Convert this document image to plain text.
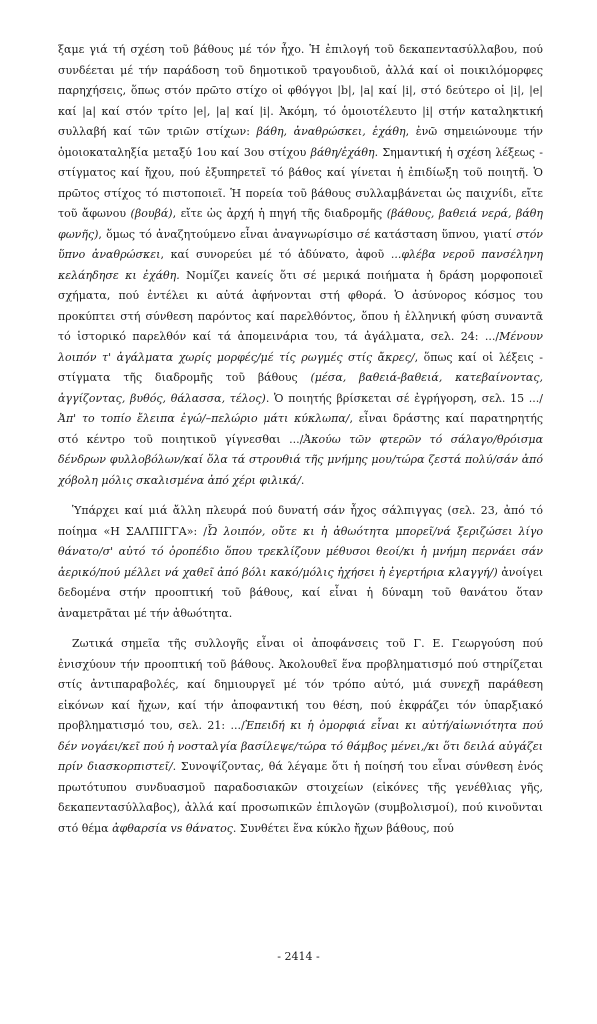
ξαμε γιά τή σχέση τοῦ βάθους μέ τόν ἦχο. Ἡ ἐπιλογή τοῦ δεκαπεντασύλλαβου, πού συνδέεται μέ τήν παράδοση τοῦ δημοτικοῦ τραγουδιοῦ, ἀλλά καί οἱ ποικιλόμορφες παρηχήσεις, ὅπως στόν πρῶτο στίχο οἱ φθόγγοι |b|, |a| καί |i|, στό δεύτερο οἱ |i|, |e| καί |a| καί στόν τρίτο |e|, |a| καί |i|. Ἀκόμη, τό ὁμοιοτέλευτο |i| στήν καταληκτική συλλαβή καί τῶν τριῶν στίχων: βάθη, ἀναθρώσκει, ἐχάθη, ἐνῶ σημειώνουμε τήν ὁμοιοκαταληξία μεταξύ 1ου καί 3ου στίχου βάθη/ἐχάθη. Σημαντική ἡ σχέση λέξεως - στίγματος καί ἤχου, πού ἐξυπηρετεῖ τό βάθος καί γίνεται ἡ ἐπιδίωξη τοῦ ποιητῆ. Ὁ πρῶτος στίχος τό πιστοποιεῖ. Ἡ πορεία τοῦ βάθους συλλαμβάνεται ὡς παιχνίδι, εἴτε τοῦ ἄφωνου (βουβά), εἴτε ὡς ἀρχή ἡ πηγή τῆς διαδρομῆς (βάθους, βαθειά νερά, βάθη φωνῆς), ὅμως τό ἀναζητούμενο εἶναι ἀναγνωρίσιμο σέ κατάσταση ὕπνου, γιατί στόν ὕπνο ἀναθρώσκει, καί συνορεύει μέ τό ἀδύνατο, ἀφοῦ ...φλέβα νεροῦ πανσέληνη κελάηδησε κι ἐχάθη. Νομίζει κανείς ὅτι σέ μερικά ποιήματα ἡ δράση μορφοποιεῖ σχήματα, πού ἐντέλει κι αὐτά ἀφήνονται στή φθορά. Ὁ ἀσύνορος κόσμος του προκύπτει στή σύνθεση παρόντος καί παρελθόντος, ὅπου ἡ ἑλληνική φύση συναντᾶ τό ἱστορικό παρελθόν καί τά ἀπομεινάρια του, τά ἀγάλματα, σελ. 24: .../Μένουν λοιπόν τ' ἀγάλματα χωρίς μορφές/μέ τίς ρωγμές στίς ἄκρες/, ὅπως καί οἱ λέξεις - στίγματα τῆς διαδρομῆς τοῦ βάθους (μέσα, βαθειά-βαθειά, κατεβαίνοντας, ἀγγίζοντας, βυθός, θάλασσα, τέλος). Ὁ ποιητής βρίσκεται σέ ἐγρήγορση, σελ. 15 .../Ἀπ' το τοπίο ἔλειπα ἐγώ/–πελώριο μάτι κύκλωπα/, εἶναι δράστης καί παρατηρητής στό κέντρο τοῦ ποιητικοῦ γίγνεσθαι .../Ἀκούω τῶν φτερῶν τό σάλαγο/θρόισμα δένδρων φυλλοβόλων/καί ὅλα τά στρουθιά τῆς μνήμης μου/τώρα ζεστά πολύ/σάν ἀπό χόβολη μόλις σκαλισμένα ἀπό χέρι φιλικά/.

Ὑπάρχει καί μιά ἄλλη πλευρά πού δυνατή σάν ἦχος σάλπιγγας (σελ. 23, ἀπό τό ποίημα «Η ΣΑΛΠΙΓΓΑ»: /Ὦ λοιπόν, οὔτε κι ἡ ἀθωότητα μπορεῖ/νά ξεριζώσει λίγο θάνατο/σ' αὐτό τό ὀροπέδιο ὅπου τρεκλίζουν μέθυσοι θεοί/κι ἡ μνήμη περνάει σάν ἀερικό/πού μέλλει νά χαθεῖ ἀπό βόλι κακό/μόλις ἠχήσει ἡ ἐγερτήρια κλαγγή/) ἀνοίγει δεδομένα στήν προοπτική τοῦ βάθους, καί εἶναι ἡ δύναμη τοῦ θανάτου ὅταν ἀναμετρᾶται μέ τήν ἀθωότητα.

Ζωτικά σημεῖα τῆς συλλογῆς εἶναι οἱ ἀποφάνσεις τοῦ Γ. Ε. Γεωργούση πού ἐνισχύουν τήν προοπτική τοῦ βάθους. Ἀκολουθεῖ ἕνα προβληματισμό πού στηρίζεται στίς ἀντιπαραβολές, καί δημιουργεῖ μέ τόν τρόπο αὐτό, μιά συνεχῆ παράθεση εἰκόνων καί ἤχων, καί τήν ἀποφαντική του θέση, πού ἐκφράζει τόν ὑπαρξιακό προβληματισμό του, σελ. 21: .../Ἐπειδή κι ἡ ὀμορφιά εἶναι κι αὐτή/αἰωνιότητα πού δέν νογάει/κεῖ πού ἡ νοσταλγία βασίλεψε/τώρα τό θάμβος μένει,/κι ὅτι δειλά αὐγάζει πρίν διασκορπιστεῖ/. Συνοψίζοντας, θά λέγαμε ὅτι ἡ ποίησή του εἶναι σύνθεση ἑνός πρωτότυπου συνδυασμοῦ παραδοσιακῶν στοιχείων (εἰκόνες τῆς γενέθλιας γῆς, δεκαπεντασύλλαβος), ἀλλά καί προσωπικῶν ἐπιλογῶν (συμβολισμοί), πού κινοῦνται στό θέμα ἀφθαρσία vs θάνατος. Συνθέτει ἕνα κύκλο ἤχων βάθους, πού

- 2414 -
